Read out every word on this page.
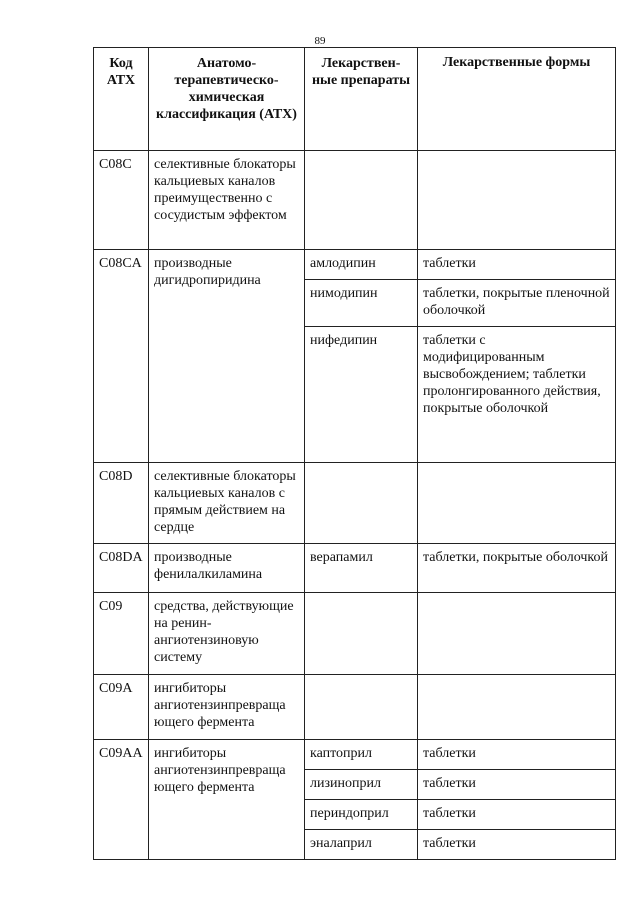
89
Код АТХ	Анатомо-терапевтическо-химическая классификация (АТХ)	Лекарствен-ные препараты	Лекарственные формы
C08C	селективные блокаторы кальциевых каналов преимущественно с сосудистым эффектом		
C08CA	производные дигидропиридина	амлодипин	таблетки
		нимодипин	таблетки, покрытые пленочной оболочкой
		нифедипин	таблетки с модифицированным высвобождением; таблетки пролонгированного действия, покрытые оболочкой
C08D	селективные блокаторы кальциевых каналов с прямым действием на сердце		
C08DA	производные фенилалкиламина	верапамил	таблетки, покрытые оболочкой
C09	средства, действующие на ренин-ангиотензиновую систему		
C09A	ингибиторы ангиотензинпревраща ющего фермента		
C09AA	ингибиторы ангиотензинпревраща ющего фермента	каптоприл	таблетки
		лизиноприл	таблетки
		периндоприл	таблетки
		эналаприл	таблетки
